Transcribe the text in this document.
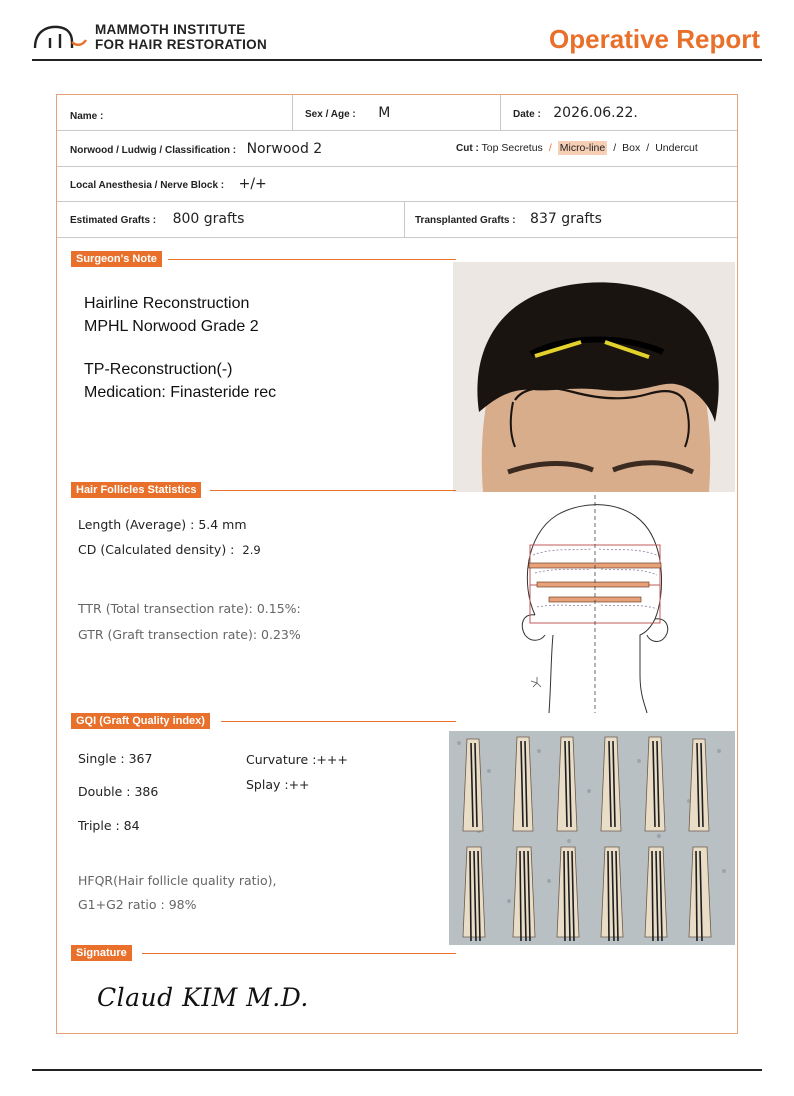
MAMMOTH INSTITUTE
FOR HAIR RESTORATION	Operative Report
Name :	Sex / Age : M	Date : 2026.06.22.
Norwood / Ludwig / Classification : Norwood 2	Cut : Top Secretus / Micro-line / Box / Undercut
Local Anesthesia / Nerve Block : +/+
Estimated Grafts : 800 grafts	Transplanted Grafts : 837 grafts
Surgeon's Note
Hairline Reconstruction
MPHL Norwood Grade 2
TP-Reconstruction(-)
Medication: Finasteride rec
Hair Follicles Statistics
Length (Average) : 5.4 mm
CD (Calculated density) : 2.9
TTR (Total transection rate): 0.15%:
GTR (Graft transection rate): 0.23%
GQI (Graft Quality index)
Single : 367
Double : 386
Triple : 84
Curvature :+++
Splay :++
HFQR(Hair follicle quality ratio),
G1+G2 ratio : 98%
Signature
Claud KIM M.D.
